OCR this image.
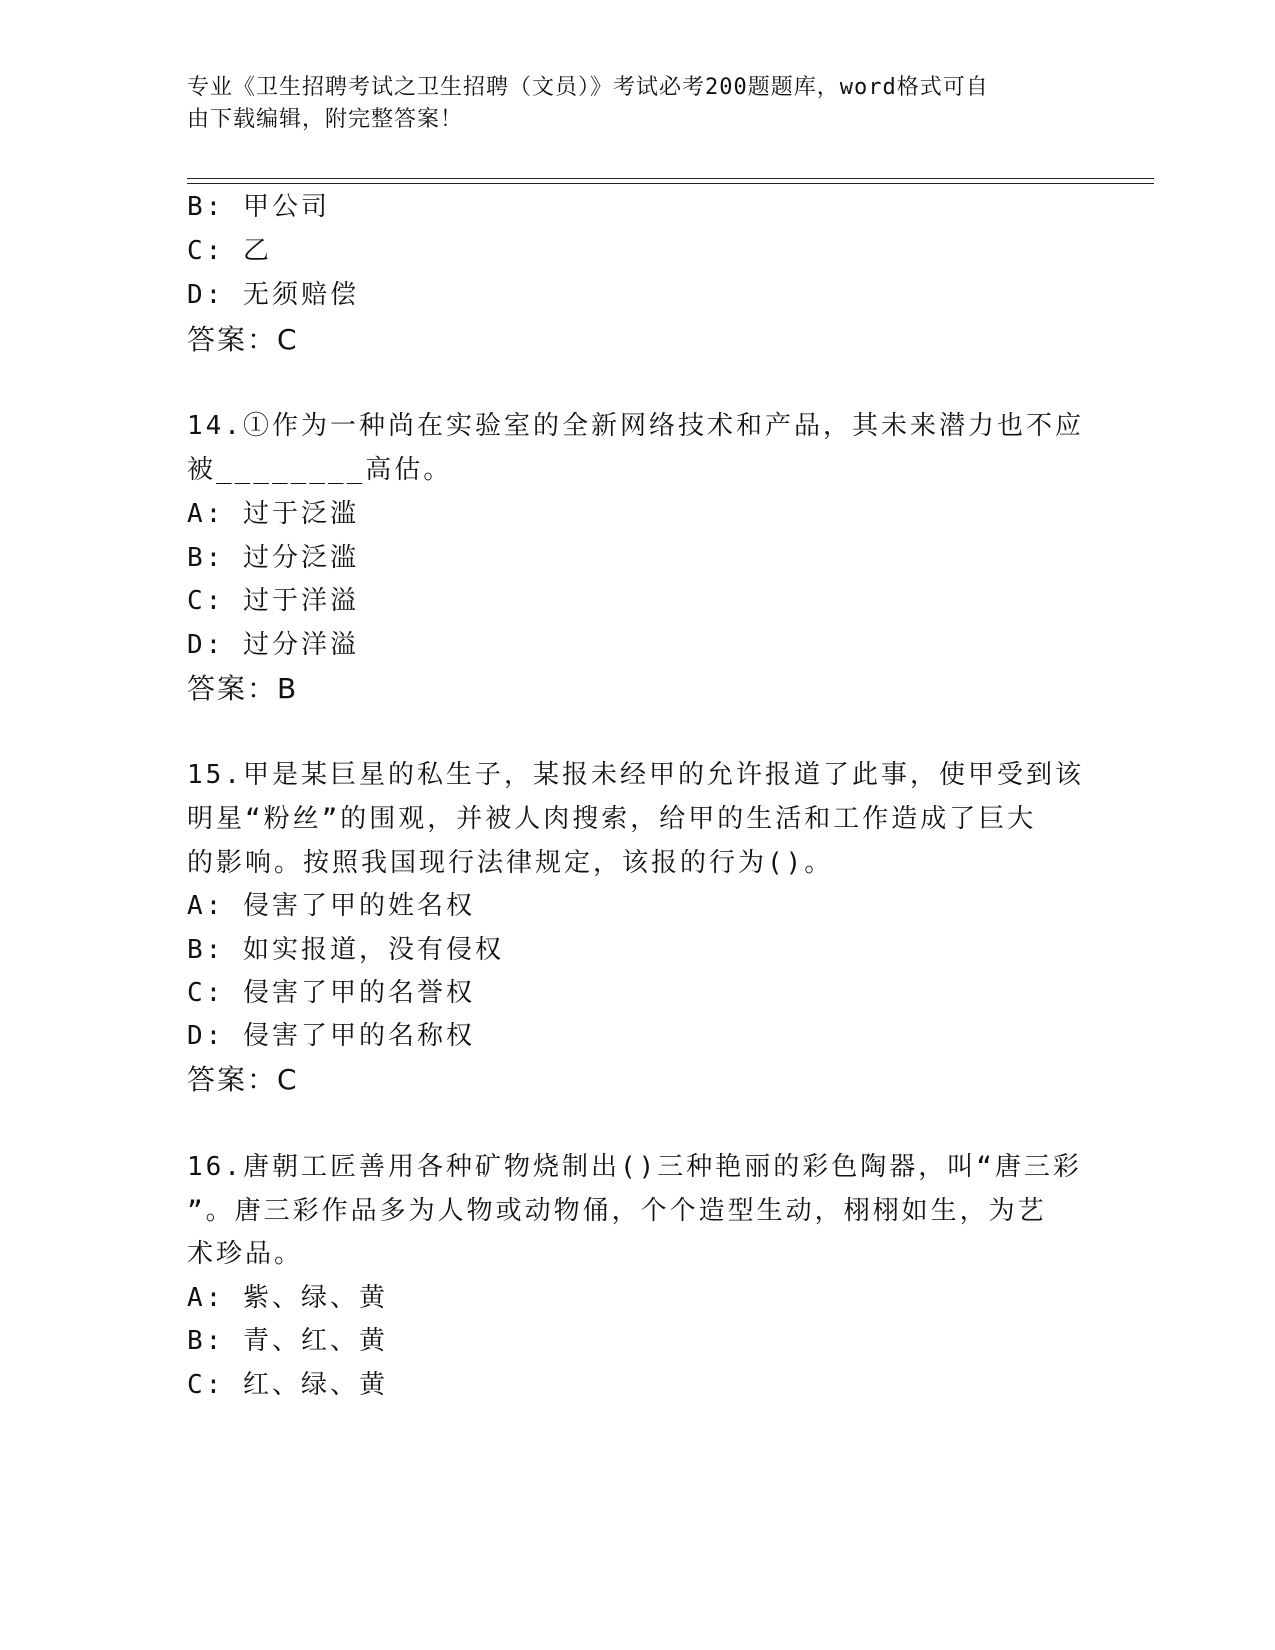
专业《卫生招聘考试之卫生招聘（文员）》考试必考200题题库，word格式可自
由下载编辑，附完整答案！
B: 甲公司
C: 乙
D: 无须赔偿
答案：C
14.①作为一种尚在实验室的全新网络技术和产品，其未来潜力也不应
被________高估。
A: 过于泛滥
B: 过分泛滥
C: 过于洋溢
D: 过分洋溢
答案：B
15.甲是某巨星的私生子，某报未经甲的允许报道了此事，使甲受到该
明星“粉丝”的围观，并被人肉搜索，给甲的生活和工作造成了巨大
的影响。按照我国现行法律规定，该报的行为()。
A: 侵害了甲的姓名权
B: 如实报道，没有侵权
C: 侵害了甲的名誉权
D: 侵害了甲的名称权
答案：C
16.唐朝工匠善用各种矿物烧制出()三种艳丽的彩色陶器，叫“唐三彩
”。唐三彩作品多为人物或动物俑，个个造型生动，栩栩如生，为艺
术珍品。
A: 紫、绿、黄
B: 青、红、黄
C: 红、绿、黄
